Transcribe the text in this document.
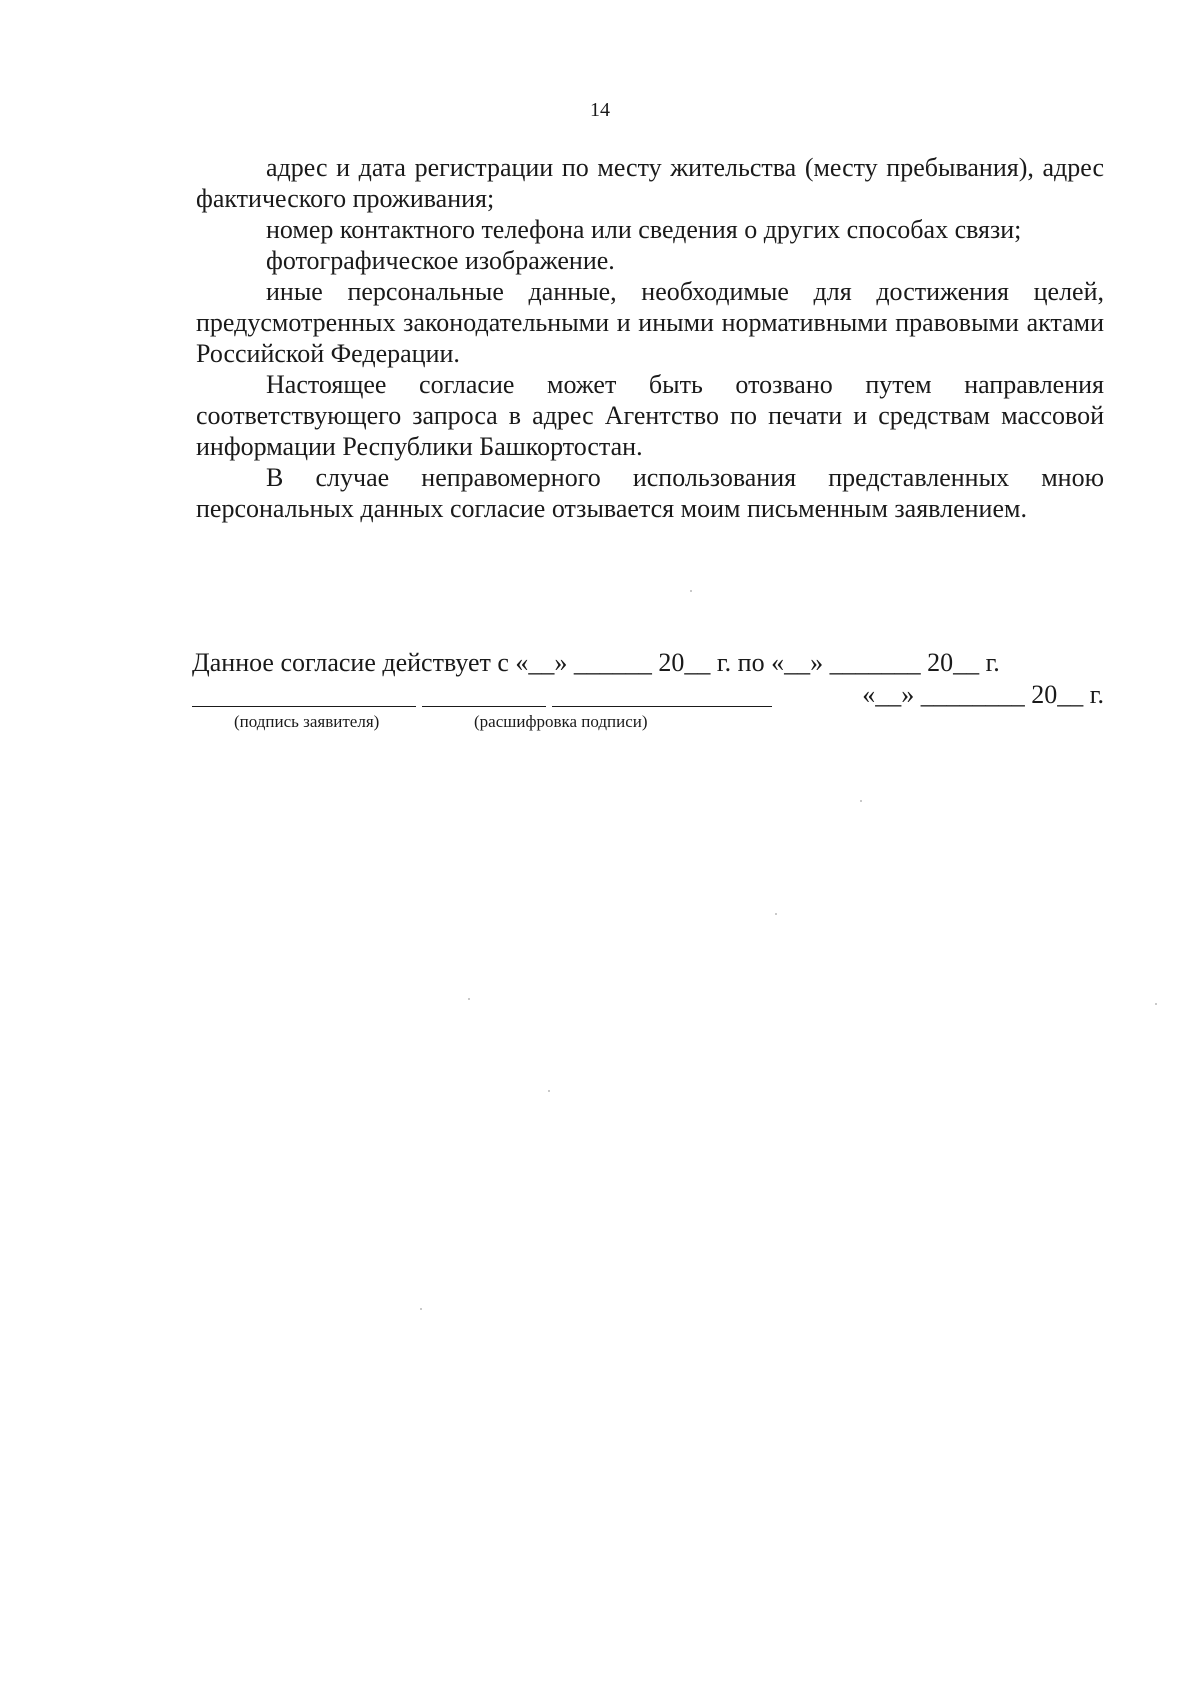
14

адрес и дата регистрации по месту жительства (месту пребывания), адрес фактического проживания;

номер контактного телефона или сведения о других способах связи;

фотографическое изображение.

иные персональные данные, необходимые для достижения целей, предусмотренных законодательными и иными нормативными правовыми актами Российской Федерации.

Настоящее согласие может быть отозвано путем направления соответствующего запроса в адрес Агентство по печати и средствам массовой информации Республики Башкортостан.

В случае неправомерного использования представленных мною персональных данных согласие отзывается моим письменным заявлением.

Данное согласие действует с «__» ______ 20__ г. по «__» _______ 20__ г.
«__» ________ 20__ г.
(подпись заявителя)	(расшифровка подписи)
